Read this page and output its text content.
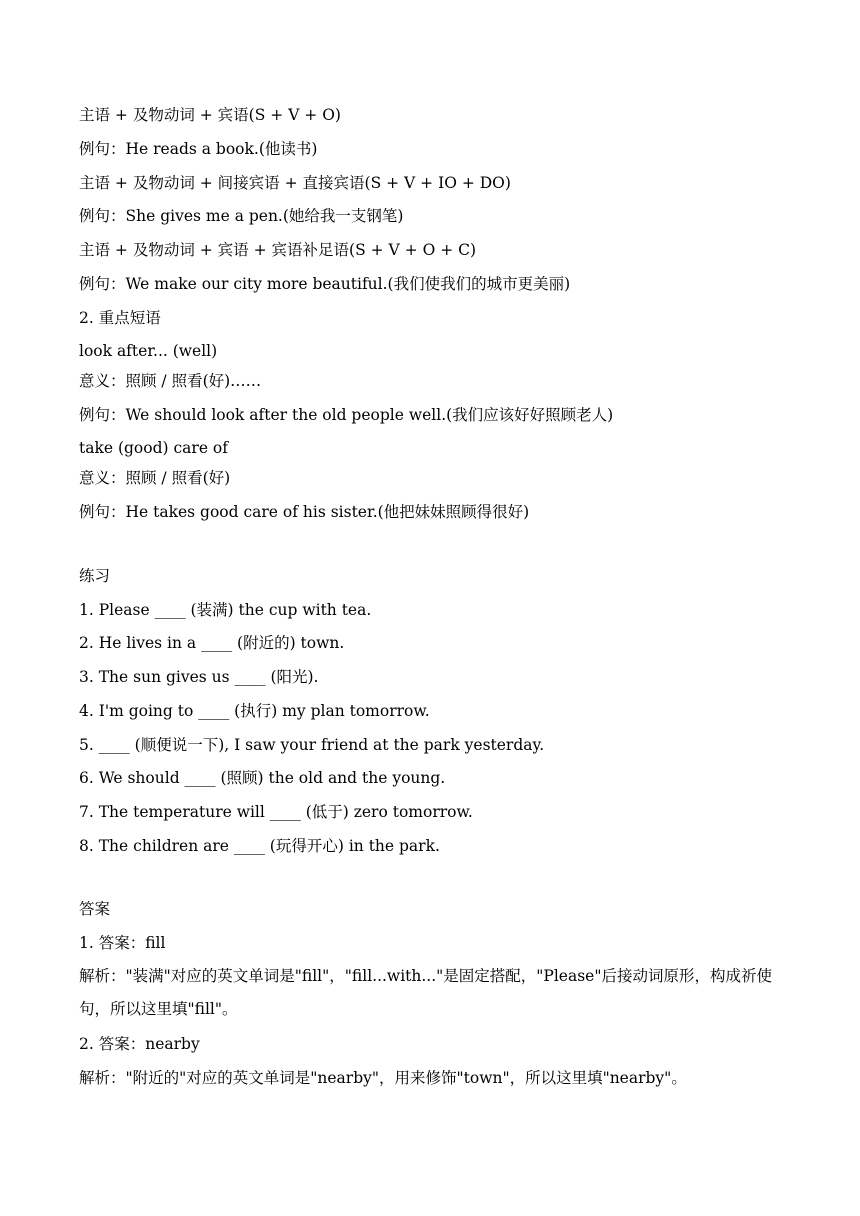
主语 + 及物动词 + 宾语(S + V + O)
例句：He reads a book.(他读书)
主语 + 及物动词 + 间接宾语 + 直接宾语(S + V + IO + DO)
例句：She gives me a pen.(她给我一支钢笔)
主语 + 及物动词 + 宾语 + 宾语补足语(S + V + O + C)
例句：We make our city more beautiful.(我们使我们的城市更美丽)
2. 重点短语
look after... (well)
意义：照顾 / 照看(好)……
例句：We should look after the old people well.(我们应该好好照顾老人)
take (good) care of
意义：照顾 / 照看(好)
例句：He takes good care of his sister.(他把妹妹照顾得很好)
练习
1. Please ____ (装满) the cup with tea.
2. He lives in a ____ (附近的) town.
3. The sun gives us ____ (阳光).
4. I'm going to ____ (执行) my plan tomorrow.
5. ____ (顺便说一下), I saw your friend at the park yesterday.
6. We should ____ (照顾) the old and the young.
7. The temperature will ____ (低于) zero tomorrow.
8. The children are ____ (玩得开心) in the park.
答案
1. 答案：fill
解析："装满"对应的英文单词是"fill"，"fill...with..."是固定搭配，"Please"后接动词原形，构成祈使句，所以这里填"fill"。
2. 答案：nearby
解析："附近的"对应的英文单词是"nearby"，用来修饰"town"，所以这里填"nearby"。
